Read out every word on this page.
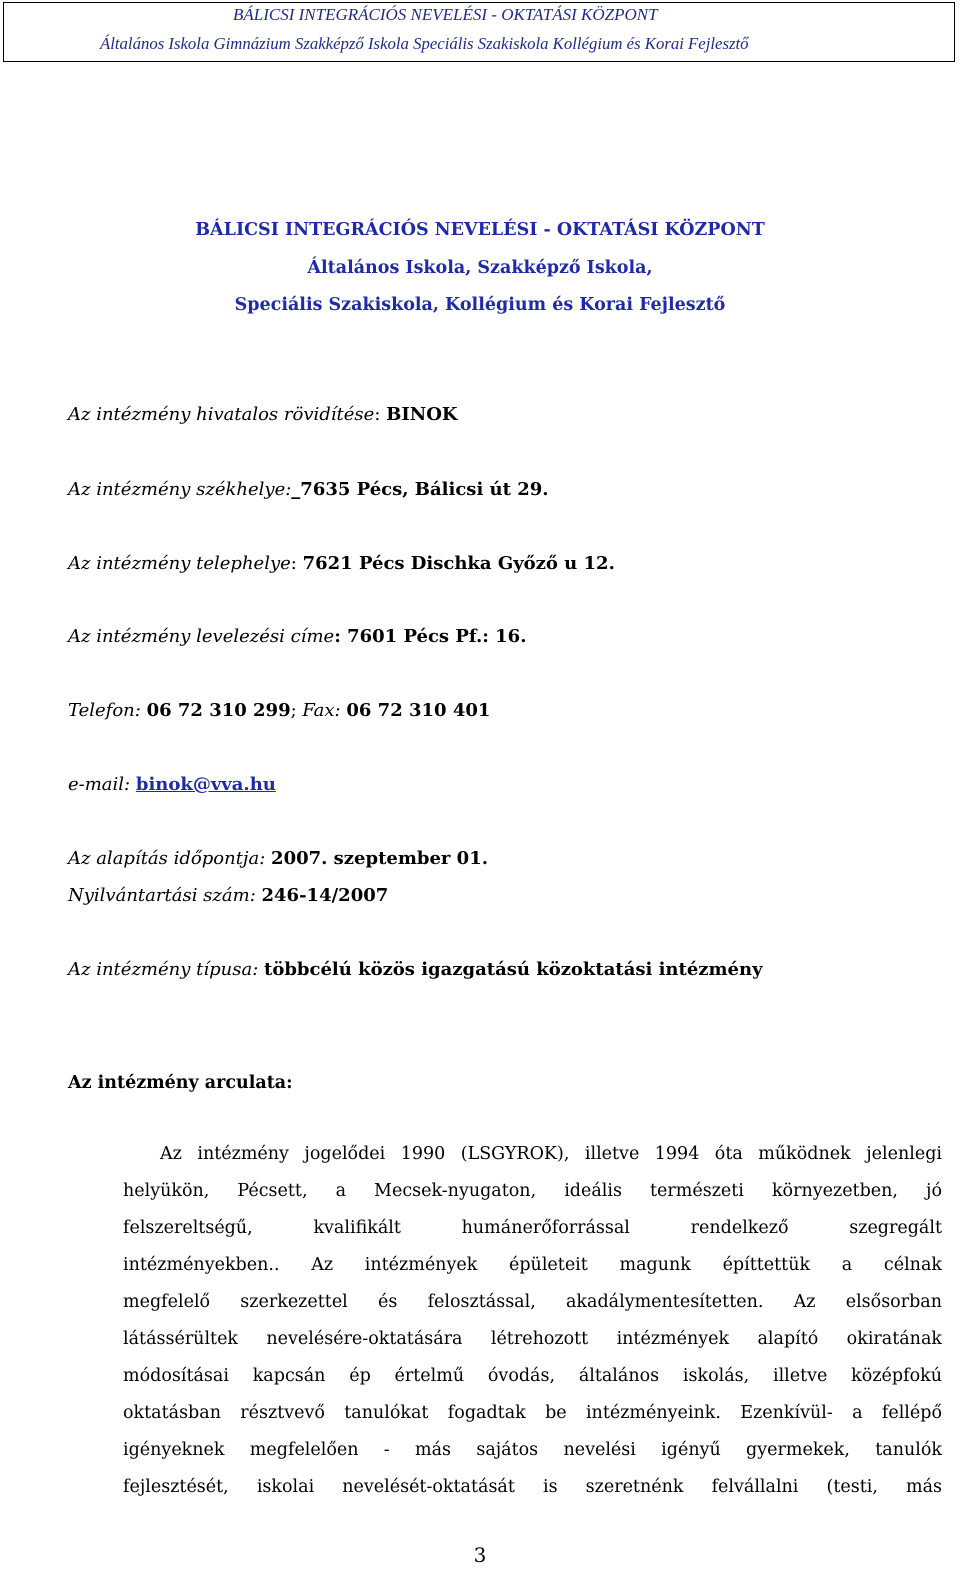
BÁLICSI INTEGRÁCIÓS NEVELÉSI - OKTATÁSI KÖZPONT
Általános Iskola Gimnázium Szakképző Iskola Speciális Szakiskola Kollégium és Korai Fejlesztő
BÁLICSI INTEGRÁCIÓS NEVELÉSI - OKTATÁSI KÖZPONT
Általános Iskola, Szakképző Iskola,
Speciális Szakiskola, Kollégium és Korai Fejlesztő
Az intézmény hivatalos rövidítése: BINOK
Az intézmény székhelye:_7635 Pécs, Bálicsi út 29.
Az intézmény telephelye: 7621 Pécs Dischka Győző u 12.
Az intézmény levelezési címe: 7601 Pécs Pf.: 16.
Telefon: 06 72 310 299; Fax: 06 72 310 401
e-mail: binok@vva.hu
Az alapítás időpontja: 2007. szeptember 01.
Nyilvántartási szám: 246-14/2007
Az intézmény típusa: többcélú közös igazgatású közoktatási intézmény
Az intézmény arculata:
Az intézmény jogelődei 1990 (LSGYROK), illetve 1994 óta működnek jelenlegi
helyükön, Pécsett, a Mecsek-nyugaton, ideális természeti környezetben, jó
felszereltségű, kvalifikált humánerőforrással rendelkező szegregált
intézményekben.. Az intézmények épületeit magunk építtettük a célnak
megfelelő szerkezettel és felosztással, akadálymentesítetten. Az elsősorban
látássérültek nevelésére-oktatására létrehozott intézmények alapító okiratának
módosításai kapcsán ép értelmű óvodás, általános iskolás, illetve középfokú
oktatásban résztvevő tanulókat fogadtak be intézményeink. Ezenkívül- a fellépő
igényeknek megfelelően - más sajátos nevelési igényű gyermekek, tanulók
fejlesztését, iskolai nevelését-oktatását is szeretnénk felvállalni (testi, más
3
